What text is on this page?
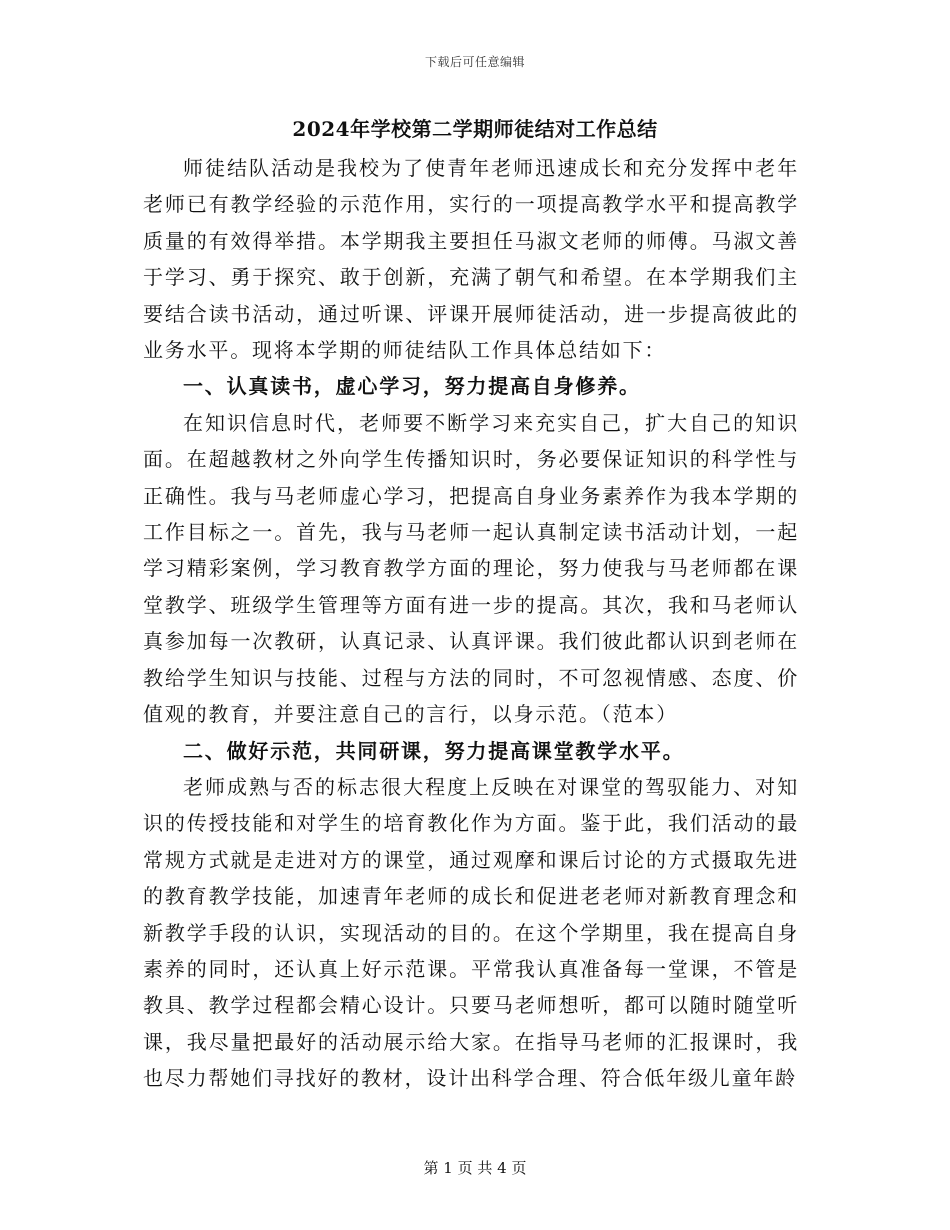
下载后可任意编辑
2024年学校第二学期师徒结对工作总结

师徒结队活动是我校为了使青年老师迅速成长和充分发挥中老年老师已有教学经验的示范作用，实行的一项提高教学水平和提高教学质量的有效得举措。本学期我主要担任马淑文老师的师傅。马淑文善于学习、勇于探究、敢于创新，充满了朝气和希望。在本学期我们主要结合读书活动，通过听课、评课开展师徒活动，进一步提高彼此的业务水平。现将本学期的师徒结队工作具体总结如下：

一、认真读书，虚心学习，努力提高自身修养。

在知识信息时代，老师要不断学习来充实自己，扩大自己的知识面。在超越教材之外向学生传播知识时，务必要保证知识的科学性与正确性。我与马老师虚心学习，把提高自身业务素养作为我本学期的工作目标之一。首先，我与马老师一起认真制定读书活动计划，一起学习精彩案例，学习教育教学方面的理论，努力使我与马老师都在课堂教学、班级学生管理等方面有进一步的提高。其次，我和马老师认真参加每一次教研，认真记录、认真评课。我们彼此都认识到老师在教给学生知识与技能、过程与方法的同时，不可忽视情感、态度、价值观的教育，并要注意自己的言行，以身示范。（范本）

二、做好示范，共同研课，努力提高课堂教学水平。

老师成熟与否的标志很大程度上反映在对课堂的驾驭能力、对知识的传授技能和对学生的培育教化作为方面。鉴于此，我们活动的最常规方式就是走进对方的课堂，通过观摩和课后讨论的方式摄取先进的教育教学技能，加速青年老师的成长和促进老老师对新教育理念和新教学手段的认识，实现活动的目的。在这个学期里，我在提高自身素养的同时，还认真上好示范课。平常我认真准备每一堂课，不管是教具、教学过程都会精心设计。只要马老师想听，都可以随时随堂听课，我尽量把最好的活动展示给大家。在指导马老师的汇报课时，我也尽力帮她们寻找好的教材，设计出科学合理、符合低年级儿童年龄

第 1 页 共 4 页
